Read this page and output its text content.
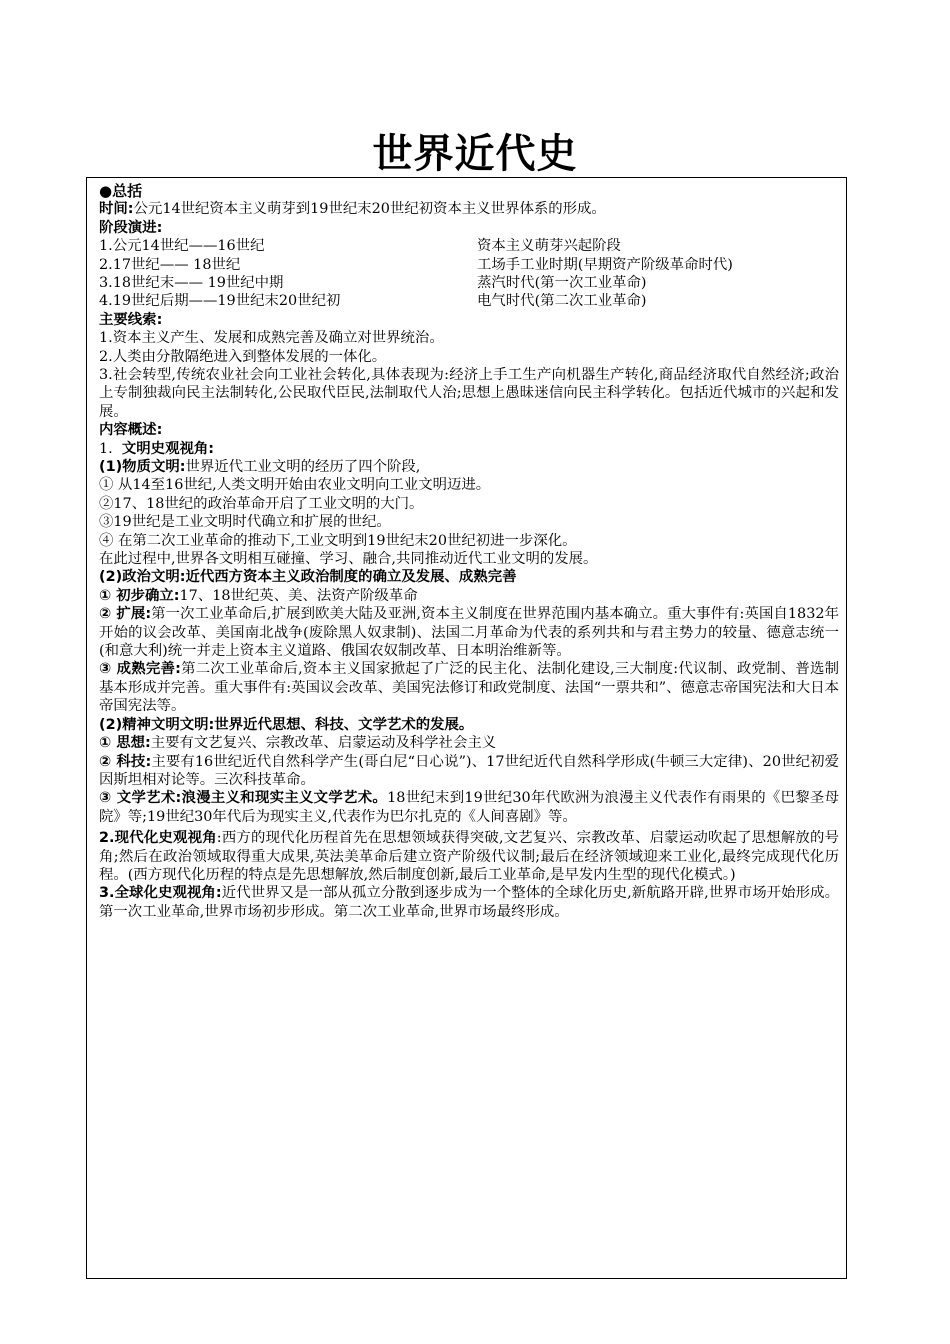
世界近代史
●总括
时间:公元14世纪资本主义萌芽到19世纪末20世纪初资本主义世界体系的形成。
阶段演进:
1.公元14世纪——16世纪	资本主义萌芽兴起阶段
2.17世纪—— 18世纪	工场手工业时期(早期资产阶级革命时代)
3.18世纪末—— 19世纪中期	蒸汽时代(第一次工业革命)
4.19世纪后期——19世纪末20世纪初	电气时代(第二次工业革命)
主要线索:
1.资本主义产生、发展和成熟完善及确立对世界统治。
2.人类由分散隔绝进入到整体发展的一体化。
3.社会转型,传统农业社会向工业社会转化,具体表现为:经济上手工生产向机器生产转化,商品经济取代自然经济;政治上专制独裁向民主法制转化,公民取代臣民,法制取代人治;思想上愚昧迷信向民主科学转化。包括近代城市的兴起和发展。
内容概述:
1. 文明史观视角:
(1)物质文明:世界近代工业文明的经历了四个阶段,
① 从14至16世纪,人类文明开始由农业文明向工业文明迈进。
②17、18世纪的政治革命开启了工业文明的大门。
③19世纪是工业文明时代确立和扩展的世纪。
④ 在第二次工业革命的推动下,工业文明到19世纪末20世纪初进一步深化。
在此过程中,世界各文明相互碰撞、学习、融合,共同推动近代工业文明的发展。
(2)政治文明:近代西方资本主义政治制度的确立及发展、成熟完善
① 初步确立:17、18世纪英、美、法资产阶级革命
② 扩展:第一次工业革命后,扩展到欧美大陆及亚洲,资本主义制度在世界范围内基本确立。重大事件有:英国自1832年开始的议会改革、美国南北战争(废除黑人奴隶制)、法国二月革命为代表的系列共和与君主势力的较量、德意志统一(和意大利)统一并走上资本主义道路、俄国农奴制改革、日本明治维新等。
③ 成熟完善:第二次工业革命后,资本主义国家掀起了广泛的民主化、法制化建设,三大制度:代议制、政党制、普选制基本形成并完善。重大事件有:英国议会改革、美国宪法修订和政党制度、法国“一票共和”、德意志帝国宪法和大日本帝国宪法等。
(2)精神文明文明:世界近代思想、科技、文学艺术的发展。
① 思想:主要有文艺复兴、宗教改革、启蒙运动及科学社会主义
② 科技:主要有16世纪近代自然科学产生(哥白尼“日心说”)、17世纪近代自然科学形成(牛顿三大定律)、20世纪初爱因斯坦相对论等。三次科技革命。
③ 文学艺术:浪漫主义和现实主义文学艺术。18世纪末到19世纪30年代欧洲为浪漫主义代表作有雨果的《巴黎圣母院》等;19世纪30年代后为现实主义,代表作为巴尔扎克的《人间喜剧》等。
2.现代化史观视角:西方的现代化历程首先在思想领域获得突破,文艺复兴、宗教改革、启蒙运动吹起了思想解放的号角;然后在政治领域取得重大成果,英法美革命后建立资产阶级代议制;最后在经济领域迎来工业化,最终完成现代化历程。(西方现代化历程的特点是先思想解放,然后制度创新,最后工业革命,是早发内生型的现代化模式。)
3.全球化史观视角:近代世界又是一部从孤立分散到逐步成为一个整体的全球化历史,新航路开辟,世界市场开始形成。第一次工业革命,世界市场初步形成。第二次工业革命,世界市场最终形成。
